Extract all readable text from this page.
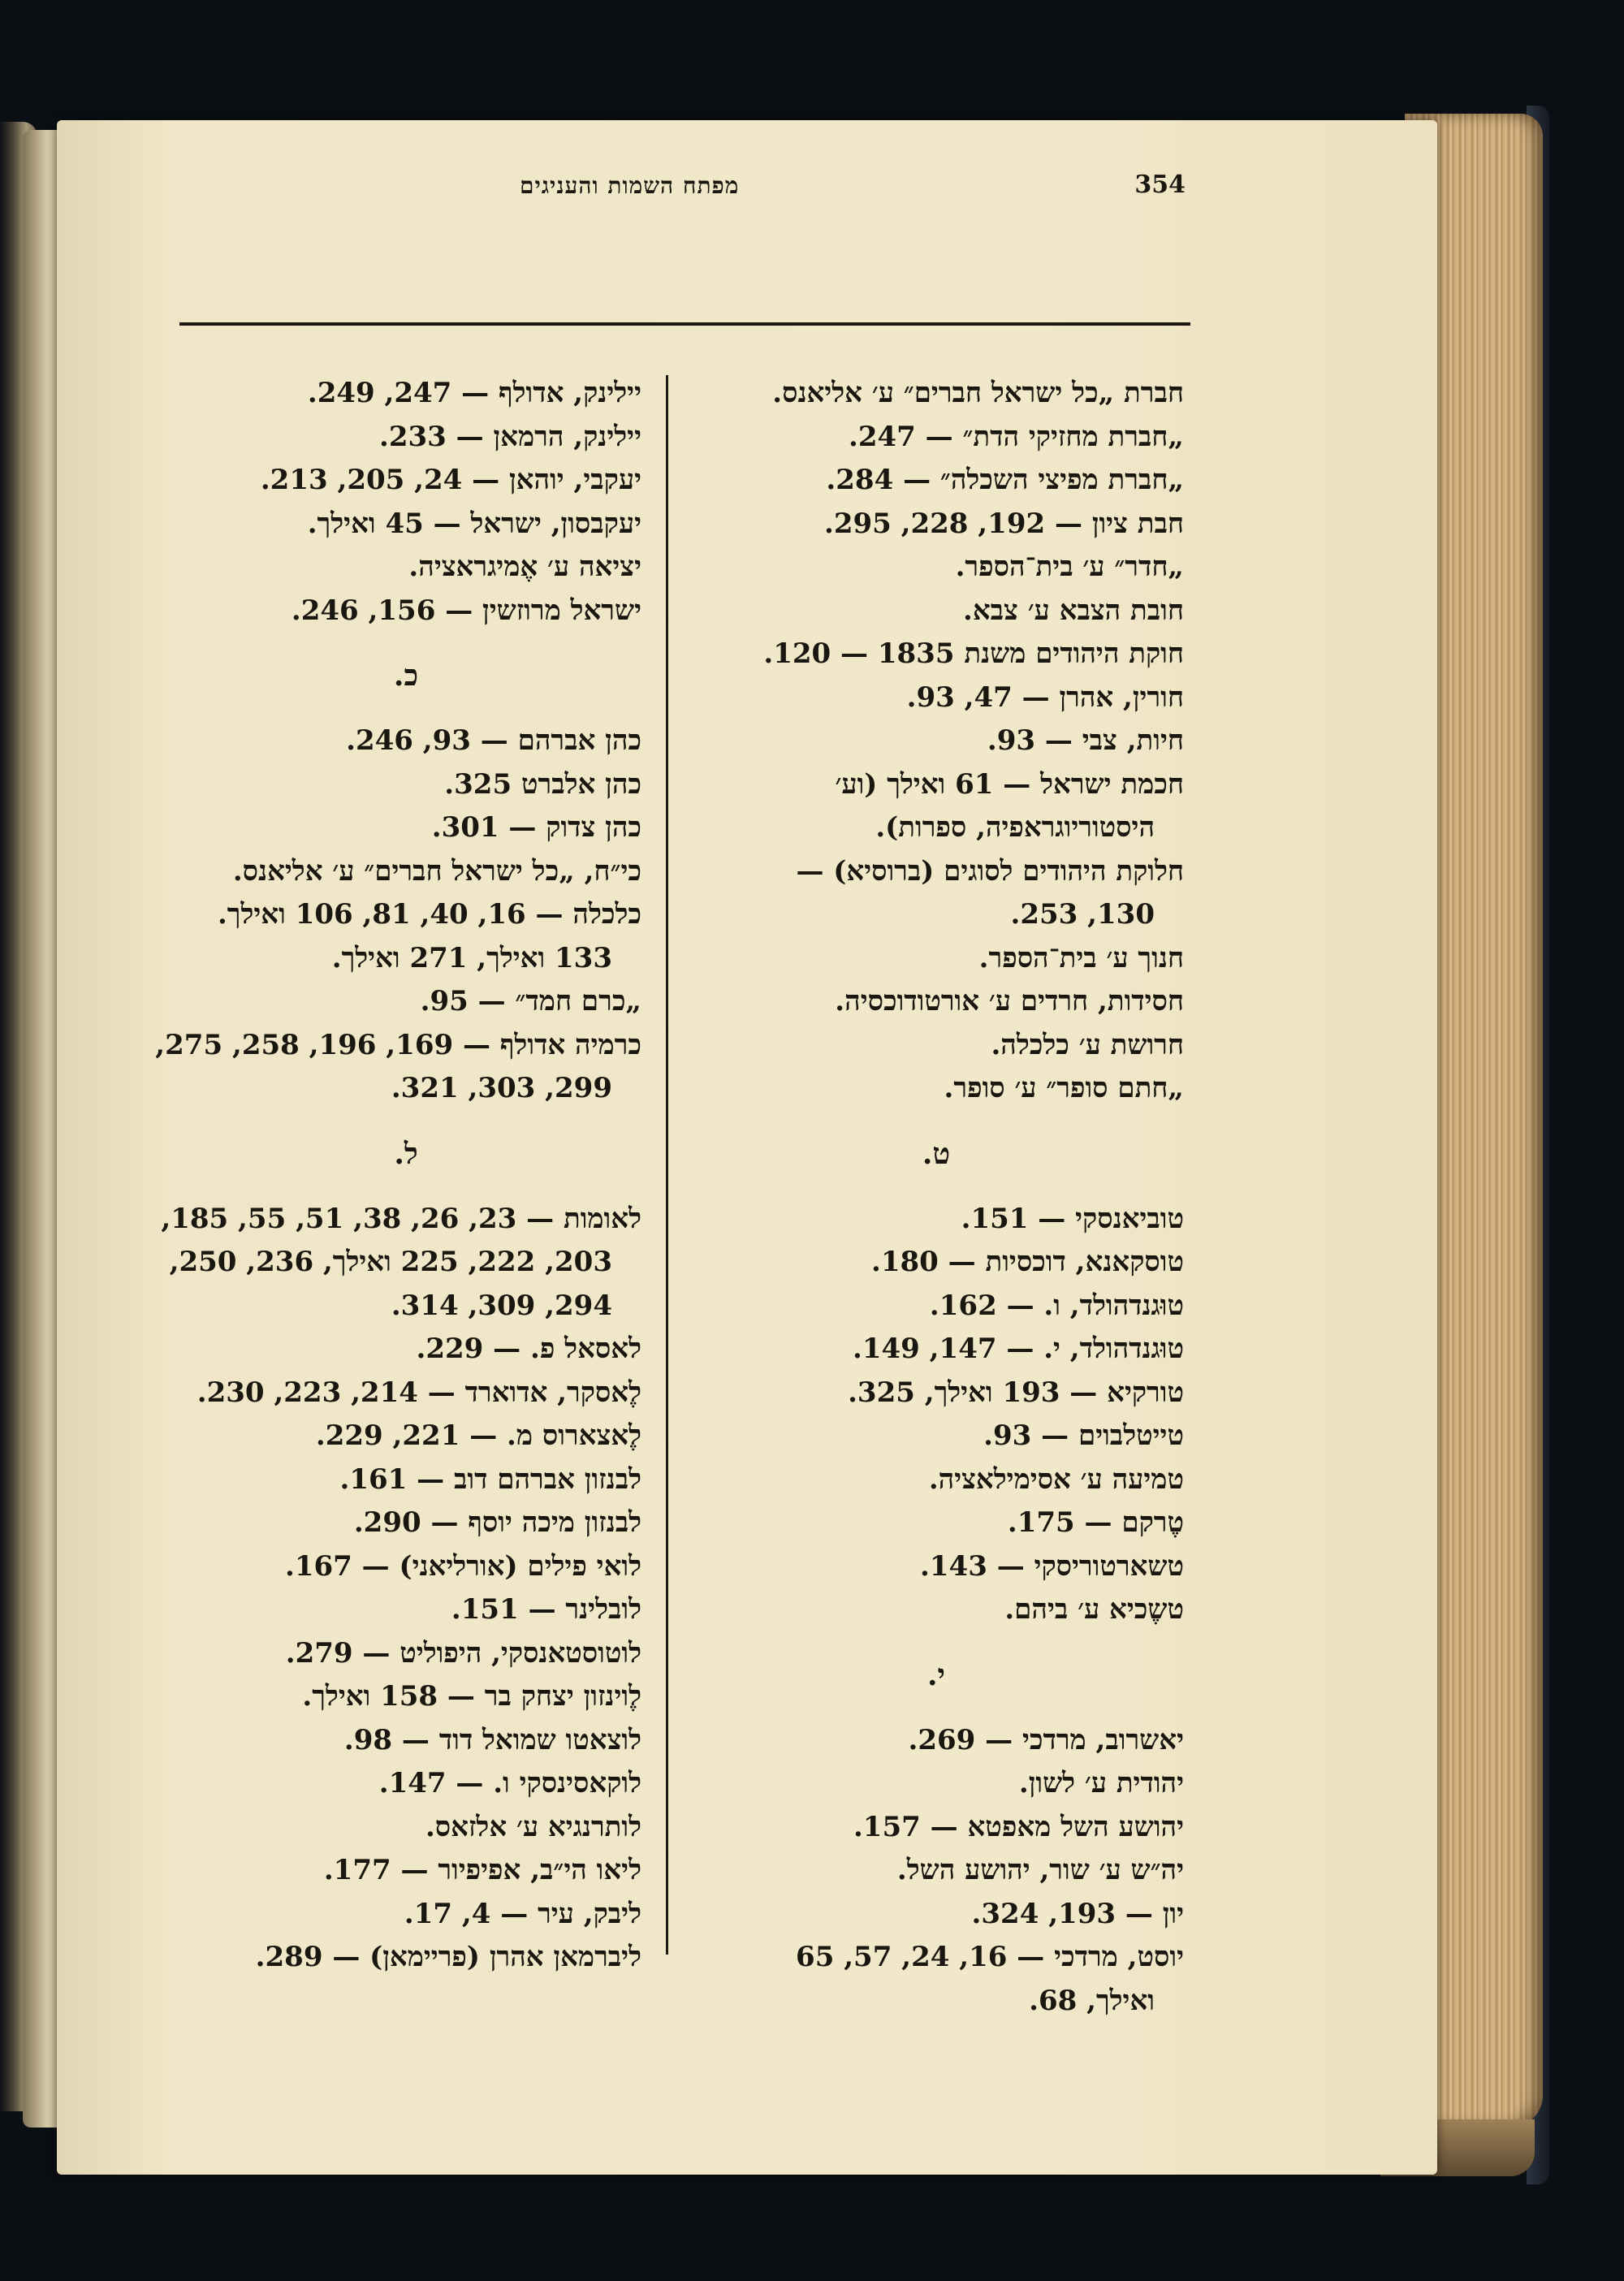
מפתח השמות והעניגים	354
חברת „כל ישראל חברים״ ע׳ אליאנס.
„חברת מחזיקי הדת״ — 247.
„חברת מפיצי השכלה״ — 284.
חבת ציון — 192, 228, 295.
„חדר״ ע׳ בית־הספר.
חובת הצבא ע׳ צבא.
חוקת היהודים משנת 1835 — 120.
חורין, אהרן — 47, 93.
חיות, צבי — 93.
חכמת ישראל — 61 ואילך (וע׳
היסטוריוגראפיה, ספרות).
חלוקת היהודים לסוגים (ברוסיא) —
130, 253.
חנוך ע׳ בית־הספר.
חסידות, חרדים ע׳ אורטודוכסיה.
חרושת ע׳ כלכלה.
„חתם סופר״ ע׳ סופר.
ט.
טוביאנסקי — 151.
טוסקאנא, דוכסיות — 180.
טוּגנדהולד, ו. — 162.
טוּגנדהולד, י. — 147, 149.
טורקיא — 193 ואילך, 325.
טייטלבוים — 93.
טמיעה ע׳ אסימילאציה.
טֶרקם — 175.
טשארטוריסקי — 143.
טשֶכיא ע׳ ביהם.
י.
יאשרוב, מרדכי — 269.
יהודית ע׳ לשון.
יהושע השל מאפטא — 157.
יה״ש ע׳ שור, יהושע השל.
יון — 193, 324.
יוסט, מרדכי — 16, 24, 57, 65
ואילך, 68.
יילינק, אדולף — 247, 249.
יילינק, הרמאן — 233.
יעקבי, יוהאן — 24, 205, 213.
יעקבסון, ישראל — 45 ואילך.
יציאה ע׳ אֶמיגראציה.
ישראל מרוזשין — 156, 246.
כ.
כהן אברהם — 93, 246.
כהן אלברט 325.
כהן צדוק — 301.
כי״ח, „כל ישראל חברים״ ע׳ אליאנס.
כלכלה — 16, 40, 81, 106 ואילך.
133 ואילך, 271 ואילך.
„כרם חמד״ — 95.
כרמיה אדולף — 169, 196, 258, 275,
299, 303, 321.
ל.
לאומות — 23, 26, 38, 51, 55, 185,
203, 222, 225 ואילך, 236, 250,
294, 309, 314.
לאסאל פ. — 229.
לֶאסקר, אדוארד — 214, 223, 230.
לֶאצארוס מ. — 221, 229.
לבנזון אברהם דוב — 161.
לבנזון מיכה יוסף — 290.
לואי פילים (אורליאני) — 167.
לובלינר — 151.
לוטוסטאנסקי, היפוליט — 279.
לֶוינזון יצחק בר — 158 ואילך.
לוצאטו שמואל דוד — 98.
לוקאסינסקי ו. — 147.
לותרנגיא ע׳ אלזאס.
ליאו הי״ב, אפיפיור — 177.
ליבק, עיר — 4, 17.
ליברמאן אהרן (פריימאן) — 289.
